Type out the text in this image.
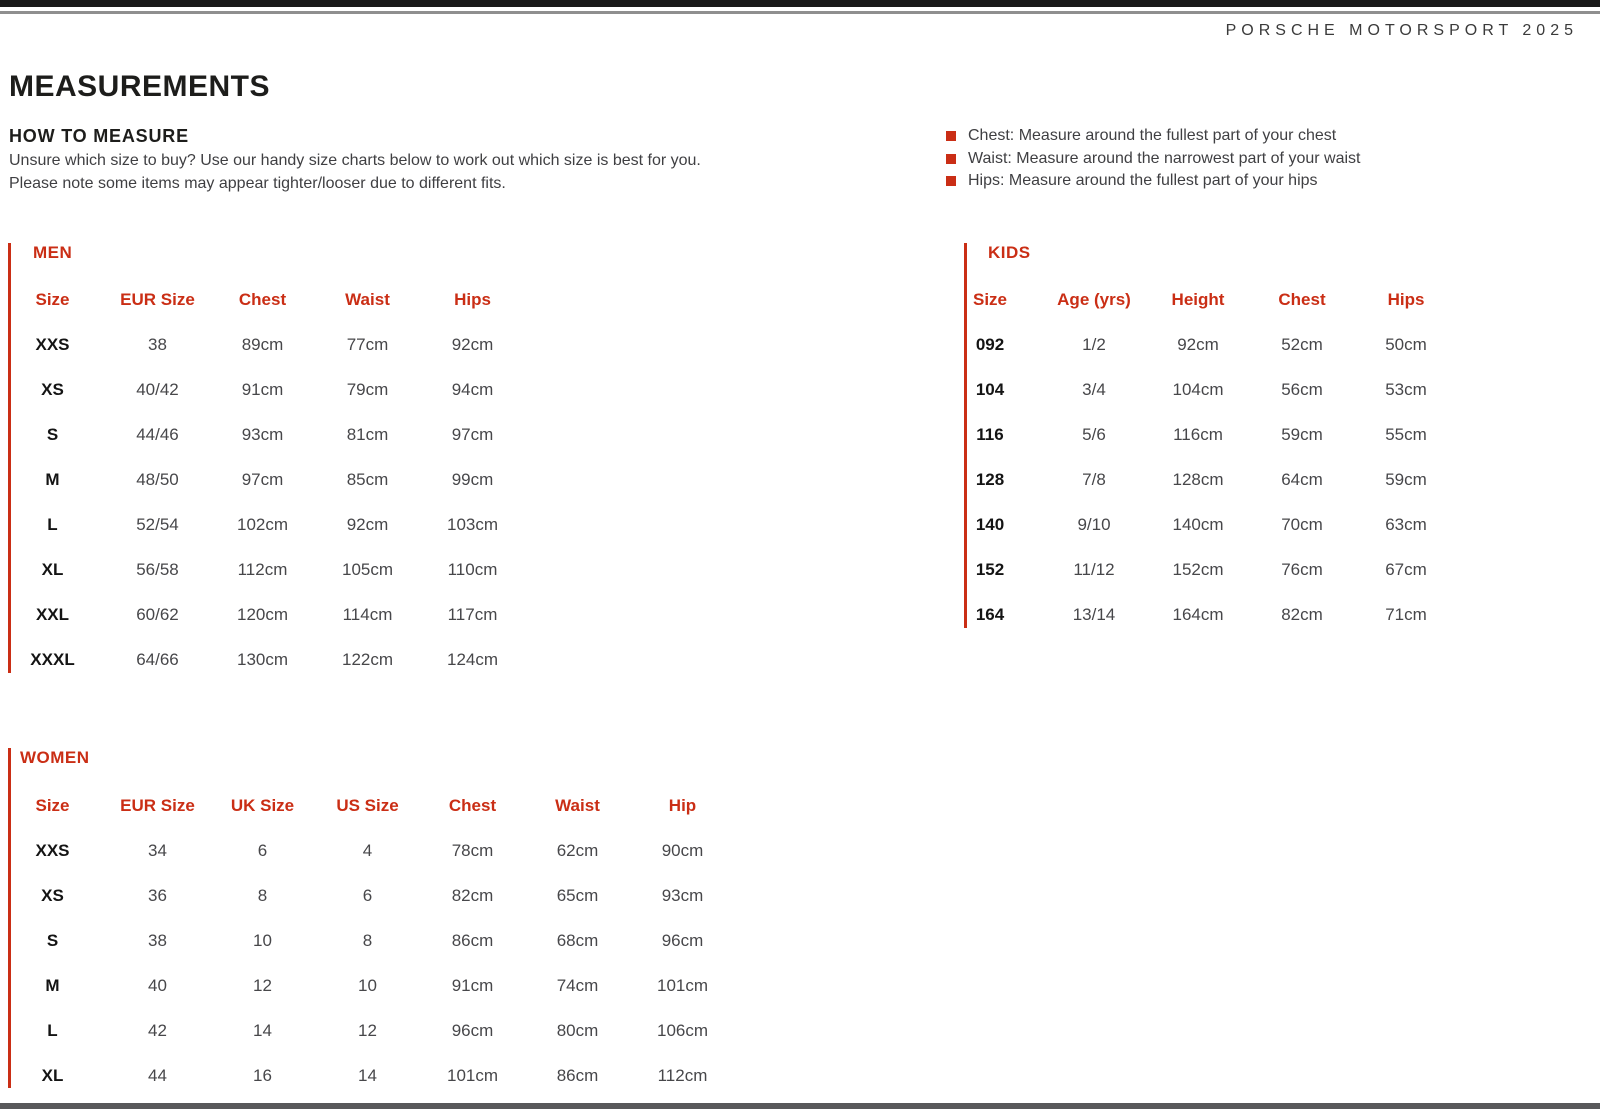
PORSCHE MOTORSPORT 2025
MEASUREMENTS
HOW TO MEASURE
Unsure which size to buy? Use our handy size charts below to work out which size is best for you.
Please note some items may appear tighter/looser due to different fits.
Chest: Measure around the fullest part of your chest
Waist: Measure around the narrowest part of your waist
Hips: Measure around the fullest part of your hips
MEN
Size	EUR Size	Chest	Waist	Hips
XXS	38	89cm	77cm	92cm
XS	40/42	91cm	79cm	94cm
S	44/46	93cm	81cm	97cm
M	48/50	97cm	85cm	99cm
L	52/54	102cm	92cm	103cm
XL	56/58	112cm	105cm	110cm
XXL	60/62	120cm	114cm	117cm
XXXL	64/66	130cm	122cm	124cm
KIDS
Size	Age (yrs)	Height	Chest	Hips
092	1/2	92cm	52cm	50cm
104	3/4	104cm	56cm	53cm
116	5/6	116cm	59cm	55cm
128	7/8	128cm	64cm	59cm
140	9/10	140cm	70cm	63cm
152	11/12	152cm	76cm	67cm
164	13/14	164cm	82cm	71cm
WOMEN
Size	EUR Size	UK Size	US Size	Chest	Waist	Hip
XXS	34	6	4	78cm	62cm	90cm
XS	36	8	6	82cm	65cm	93cm
S	38	10	8	86cm	68cm	96cm
M	40	12	10	91cm	74cm	101cm
L	42	14	12	96cm	80cm	106cm
XL	44	16	14	101cm	86cm	112cm
